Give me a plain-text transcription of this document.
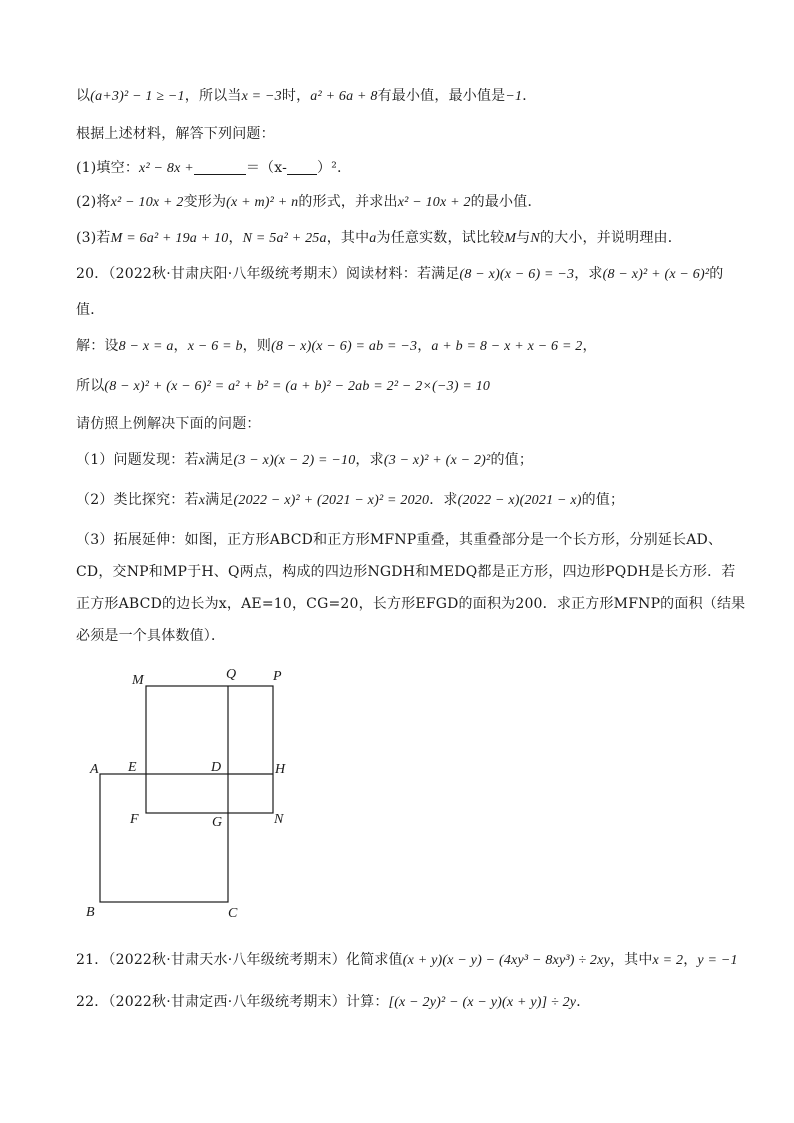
以(a+3)² − 1 ≥ −1，所以当x = −3时，a² + 6a + 8有最小值，最小值是−1．
根据上述材料，解答下列问题：
(1)填空：x² − 8x +	＝（x- ）².
(2)将x² − 10x + 2变形为(x + m)² + n的形式，并求出x² − 10x + 2的最小值．
(3)若M = 6a² + 19a + 10，N = 5a² + 25a，其中a为任意实数，试比较M与N的大小，并说明理由．
20．（2022秋·甘肃庆阳·八年级统考期末）阅读材料：若满足(8 − x)(x − 6) = −3，求(8 − x)² + (x − 6)²的
值．
解：设8 − x = a，x − 6 = b，则(8 − x)(x − 6) = ab = −3，a + b = 8 − x + x − 6 = 2，
所以(8 − x)² + (x − 6)² = a² + b² = (a + b)² − 2ab = 2² − 2×(−3) = 10
请仿照上例解决下面的问题：
（1）问题发现：若x满足(3 − x)(x − 2) = −10，求(3 − x)² + (x − 2)²的值；
（2）类比探究：若x满足(2022 − x)² + (2021 − x)² = 2020．求(2022 − x)(2021 − x)的值；
（3）拓展延伸：如图，正方形ABCD和正方形MFNP重叠，其重叠部分是一个长方形，分别延长AD、
CD，交NP和MP于H、Q两点，构成的四边形NGDH和MEDQ都是正方形，四边形PQDH是长方形．若
正方形ABCD的边长为x，AE=10，CG=20，长方形EFGD的面积为200．求正方形MFNP的面积（结果
必须是一个具体数值）．
M	Q	P
A E	D	H
F	G	N
B	C
21．（2022秋·甘肃天水·八年级统考期末）化简求值(x + y)(x − y) − (4xy³ − 8xy³) ÷ 2xy，其中x = 2，y = −1
22．（2022秋·甘肃定西·八年级统考期末）计算：[(x − 2y)² − (x − y)(x + y)] ÷ 2y．
